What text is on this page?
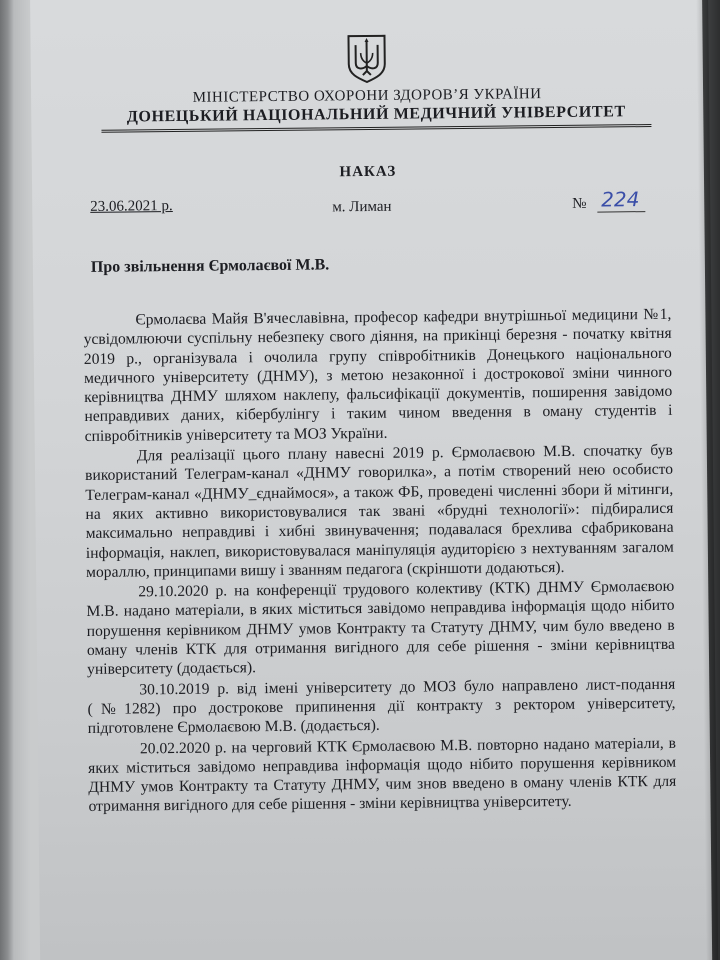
МІНІСТЕРСТВО ОХОРОНИ ЗДОРОВ’Я УКРАЇНИ
ДОНЕЦЬКИЙ НАЦІОНАЛЬНИЙ МЕДИЧНИЙ УНІВЕРСИТЕТ
НАКАЗ
23.06.2021 р.	м. Лиман	№ 224
Про звільнення Єрмолаєвої М.В.

Єрмолаєва Майя В'ячеславівна, професор кафедри внутрішньої медицини №1, усвідомлюючи суспільну небезпеку свого діяння, на прикінці березня - початку квітня 2019 р., організувала і очолила групу співробітників Донецького національного медичного університету (ДНМУ), з метою незаконної і дострокової зміни чинного керівництва ДНМУ шляхом наклепу, фальсифікації документів, поширення завідомо неправдивих даних, кібербулінгу і таким чином введення в оману студентів і співробітників університету та МОЗ України.

Для реалізації цього плану навесні 2019 р. Єрмолаєвою М.В. спочатку був використаний Телеграм-канал «ДНМУ говорилка», а потім створений нею особисто Телеграм-канал «ДНМУ_єднаймося», а також ФБ, проведені численні збори й мітинги, на яких активно використовувалися так звані «брудні технології»: підбиралися максимально неправдиві і хибні звинувачення; подавалася брехлива сфабрикована інформація, наклеп, використовувалася маніпуляція аудиторією з нехтуванням загалом мораллю, принципами вишу і званням педагога (скріншоти додаються).

29.10.2020 р. на конференції трудового колективу (КТК) ДНМУ Єрмолаєвою М.В. надано матеріали, в яких міститься завідомо неправдива інформація щодо нібито порушення керівником ДНМУ умов Контракту та Статуту ДНМУ, чим було введено в оману членів КТК для отримання вигідного для себе рішення - зміни керівництва університету (додається).

30.10.2019 р. від імені університету до МОЗ було направлено лист-подання (№1282) про дострокове припинення дії контракту з ректором університету, підготовлене Єрмолаєвою М.В. (додається).

20.02.2020 р. на черговий КТК Єрмолаєвою М.В. повторно надано матеріали, в яких міститься завідомо неправдива інформація щодо нібито порушення керівником ДНМУ умов Контракту та Статуту ДНМУ, чим знов введено в оману членів КТК для отримання вигідного для себе рішення - зміни керівництва університету.
